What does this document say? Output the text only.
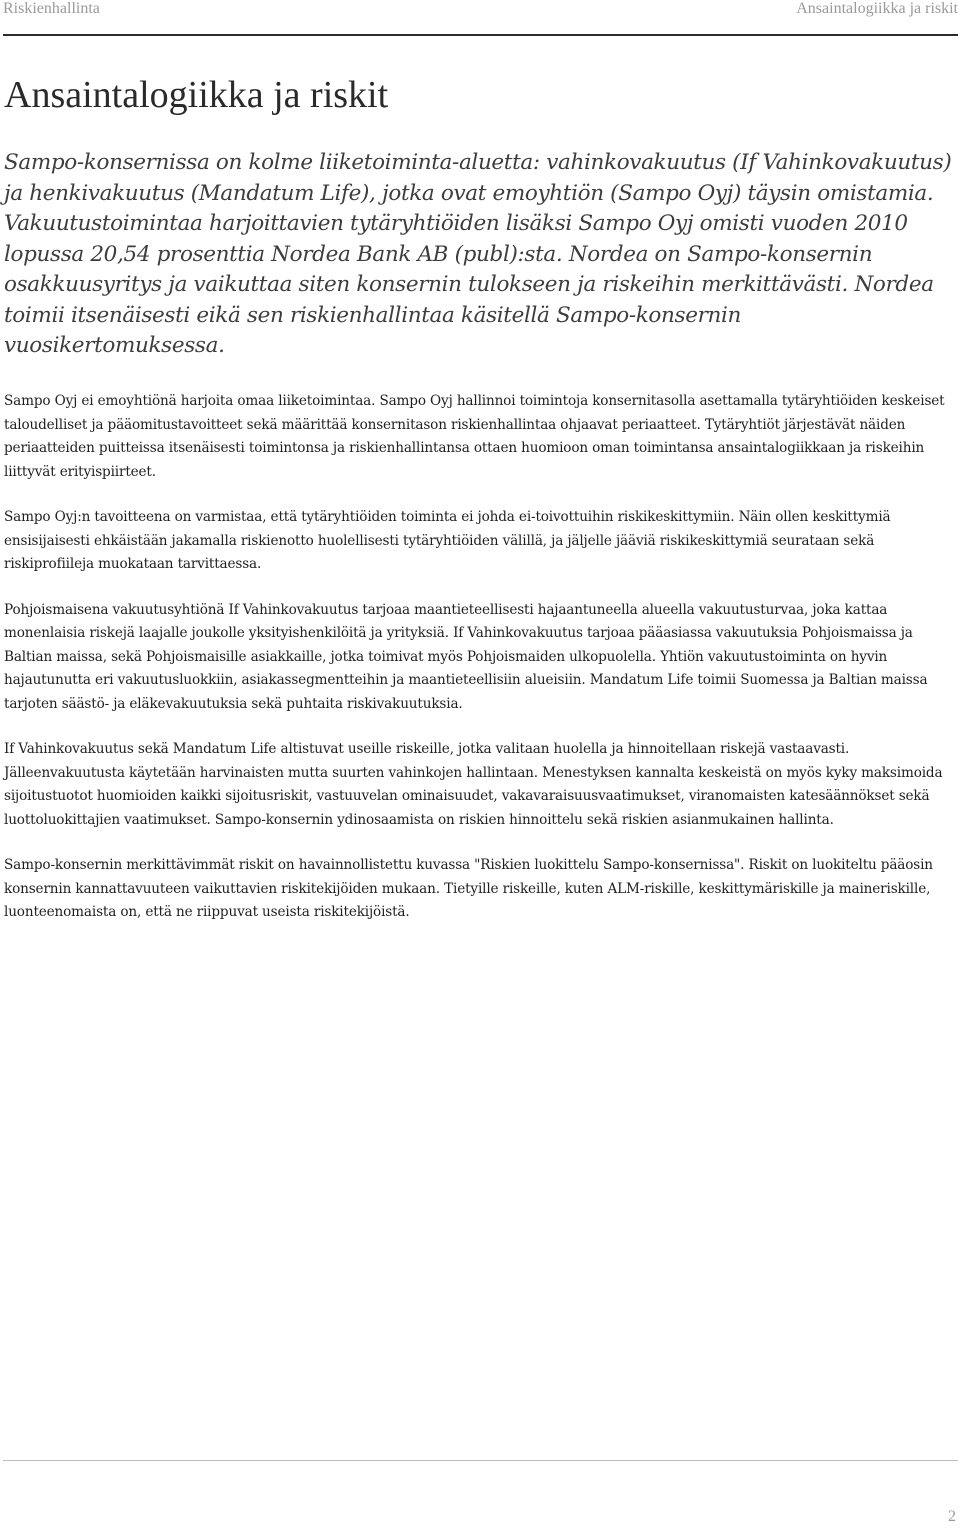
Riskienhallinta	Ansaintalogiikka ja riskit
Ansaintalogiikka ja riskit

Sampo-konsernissa on kolme liiketoiminta-aluetta: vahinkovakuutus (If Vahinkovakuutus) ja henkivakuutus (Mandatum Life), jotka ovat emoyhtiön (Sampo Oyj) täysin omistamia. Vakuutustoimintaa harjoittavien tytäryhtiöiden lisäksi Sampo Oyj omisti vuoden 2010 lopussa 20,54 prosenttia Nordea Bank AB (publ):sta. Nordea on Sampo-konsernin osakkuusyritys ja vaikuttaa siten konsernin tulokseen ja riskeihin merkittävästi. Nordea toimii itsenäisesti eikä sen riskienhallintaa käsitellä Sampo-konsernin vuosikertomuksessa.

Sampo Oyj ei emoyhtiönä harjoita omaa liiketoimintaa. Sampo Oyj hallinnoi toimintoja konsernitasolla asettamalla tytäryhtiöiden keskeiset taloudelliset ja pääomitustavoitteet sekä määrittää konsernitason riskienhallintaa ohjaavat periaatteet. Tytäryhtiöt järjestävät näiden periaatteiden puitteissa itsenäisesti toimintonsa ja riskienhallintansa ottaen huomioon oman toimintansa ansaintalogiikkaan ja riskeihin liittyvät erityispiirteet.

Sampo Oyj:n tavoitteena on varmistaa, että tytäryhtiöiden toiminta ei johda ei-toivottuihin riskikeskittymiin. Näin ollen keskittymiä ensisijaisesti ehkäistään jakamalla riskienotto huolellisesti tytäryhtiöiden välillä, ja jäljelle jääviä riskikeskittymiä seurataan sekä riskiprofiileja muokataan tarvittaessa.

Pohjoismaisena vakuutusyhtiönä If Vahinkovakuutus tarjoaa maantieteellisesti hajaantuneella alueella vakuutusturvaa, joka kattaa monenlaisia riskejä laajalle joukolle yksityishenkilöitä ja yrityksiä. If Vahinkovakuutus tarjoaa pääasiassa vakuutuksia Pohjoismaissa ja Baltian maissa, sekä Pohjoismaisille asiakkaille, jotka toimivat myös Pohjoismaiden ulkopuolella. Yhtiön vakuutustoiminta on hyvin hajautunutta eri vakuutusluokkiin, asiakassegmentteihin ja maantieteellisiin alueisiin. Mandatum Life toimii Suomessa ja Baltian maissa tarjoten säästö- ja eläkevakuutuksia sekä puhtaita riskivakuutuksia.

If Vahinkovakuutus sekä Mandatum Life altistuvat useille riskeille, jotka valitaan huolella ja hinnoitellaan riskejä vastaavasti. Jälleenvakuutusta käytetään harvinaisten mutta suurten vahinkojen hallintaan. Menestyksen kannalta keskeistä on myös kyky maksimoida sijoitustuotot huomioiden kaikki sijoitusriskit, vastuuvelan ominaisuudet, vakavaraisuusvaatimukset, viranomaisten katesäännökset sekä luottoluokittajien vaatimukset. Sampo-konsernin ydinosaamista on riskien hinnoittelu sekä riskien asianmukainen hallinta.

Sampo-konsernin merkittävimmät riskit on havainnollistettu kuvassa "Riskien luokittelu Sampo-konsernissa". Riskit on luokiteltu pääosin konsernin kannattavuuteen vaikuttavien riskitekijöiden mukaan. Tietyille riskeille, kuten ALM-riskille, keskittymäriskille ja maineriskille, luonteenomaista on, että ne riippuvat useista riskitekijöistä.

2
